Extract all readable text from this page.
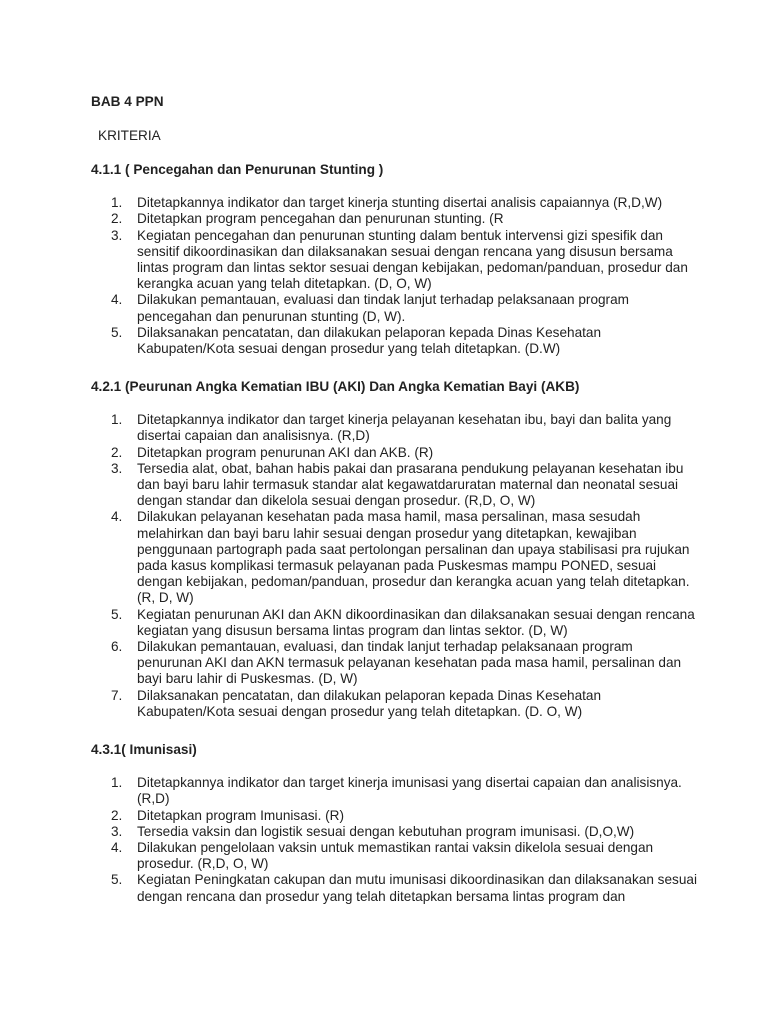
BAB 4 PPN
KRITERIA
4.1.1 ( Pencegahan dan Penurunan Stunting )
1. Ditetapkannya indikator dan target kinerja stunting disertai analisis capaiannya (R,D,W)
2. Ditetapkan program pencegahan dan penurunan stunting. (R
3. Kegiatan pencegahan dan penurunan stunting dalam bentuk intervensi gizi spesifik dan sensitif dikoordinasikan dan dilaksanakan sesuai dengan rencana yang disusun bersama lintas program dan lintas sektor sesuai dengan kebijakan, pedoman/panduan, prosedur dan kerangka acuan yang telah ditetapkan. (D, O, W)
4. Dilakukan pemantauan, evaluasi dan tindak lanjut terhadap pelaksanaan program pencegahan dan penurunan stunting (D, W).
5. Dilaksanakan pencatatan, dan dilakukan pelaporan kepada Dinas Kesehatan Kabupaten/Kota sesuai dengan prosedur yang telah ditetapkan. (D.W)
4.2.1 (Peurunan Angka Kematian IBU (AKI) Dan Angka Kematian Bayi (AKB)
1. Ditetapkannya indikator dan target kinerja pelayanan kesehatan ibu, bayi dan balita yang disertai capaian dan analisisnya. (R,D)
2. Ditetapkan program penurunan AKI dan AKB. (R)
3. Tersedia alat, obat, bahan habis pakai dan prasarana pendukung pelayanan kesehatan ibu dan bayi baru lahir termasuk standar alat kegawatdaruratan maternal dan neonatal sesuai dengan standar dan dikelola sesuai dengan prosedur. (R,D, O, W)
4. Dilakukan pelayanan kesehatan pada masa hamil, masa persalinan, masa sesudah melahirkan dan bayi baru lahir sesuai dengan prosedur yang ditetapkan, kewajiban penggunaan partograph pada saat pertolongan persalinan dan upaya stabilisasi pra rujukan pada kasus komplikasi termasuk pelayanan pada Puskesmas mampu PONED, sesuai dengan kebijakan, pedoman/panduan, prosedur dan kerangka acuan yang telah ditetapkan. (R, D, W)
5. Kegiatan penurunan AKI dan AKN dikoordinasikan dan dilaksanakan sesuai dengan rencana kegiatan yang disusun bersama lintas program dan lintas sektor. (D, W)
6. Dilakukan pemantauan, evaluasi, dan tindak lanjut terhadap pelaksanaan program penurunan AKI dan AKN termasuk pelayanan kesehatan pada masa hamil, persalinan dan bayi baru lahir di Puskesmas. (D, W)
7. Dilaksanakan pencatatan, dan dilakukan pelaporan kepada Dinas Kesehatan Kabupaten/Kota sesuai dengan prosedur yang telah ditetapkan. (D. O, W)
4.3.1( Imunisasi)
1. Ditetapkannya indikator dan target kinerja imunisasi yang disertai capaian dan analisisnya. (R,D)
2. Ditetapkan program Imunisasi. (R)
3. Tersedia vaksin dan logistik sesuai dengan kebutuhan program imunisasi. (D,O,W)
4. Dilakukan pengelolaan vaksin untuk memastikan rantai vaksin dikelola sesuai dengan prosedur. (R,D, O, W)
5. Kegiatan Peningkatan cakupan dan mutu imunisasi dikoordinasikan dan dilaksanakan sesuai dengan rencana dan prosedur yang telah ditetapkan bersama lintas program dan
